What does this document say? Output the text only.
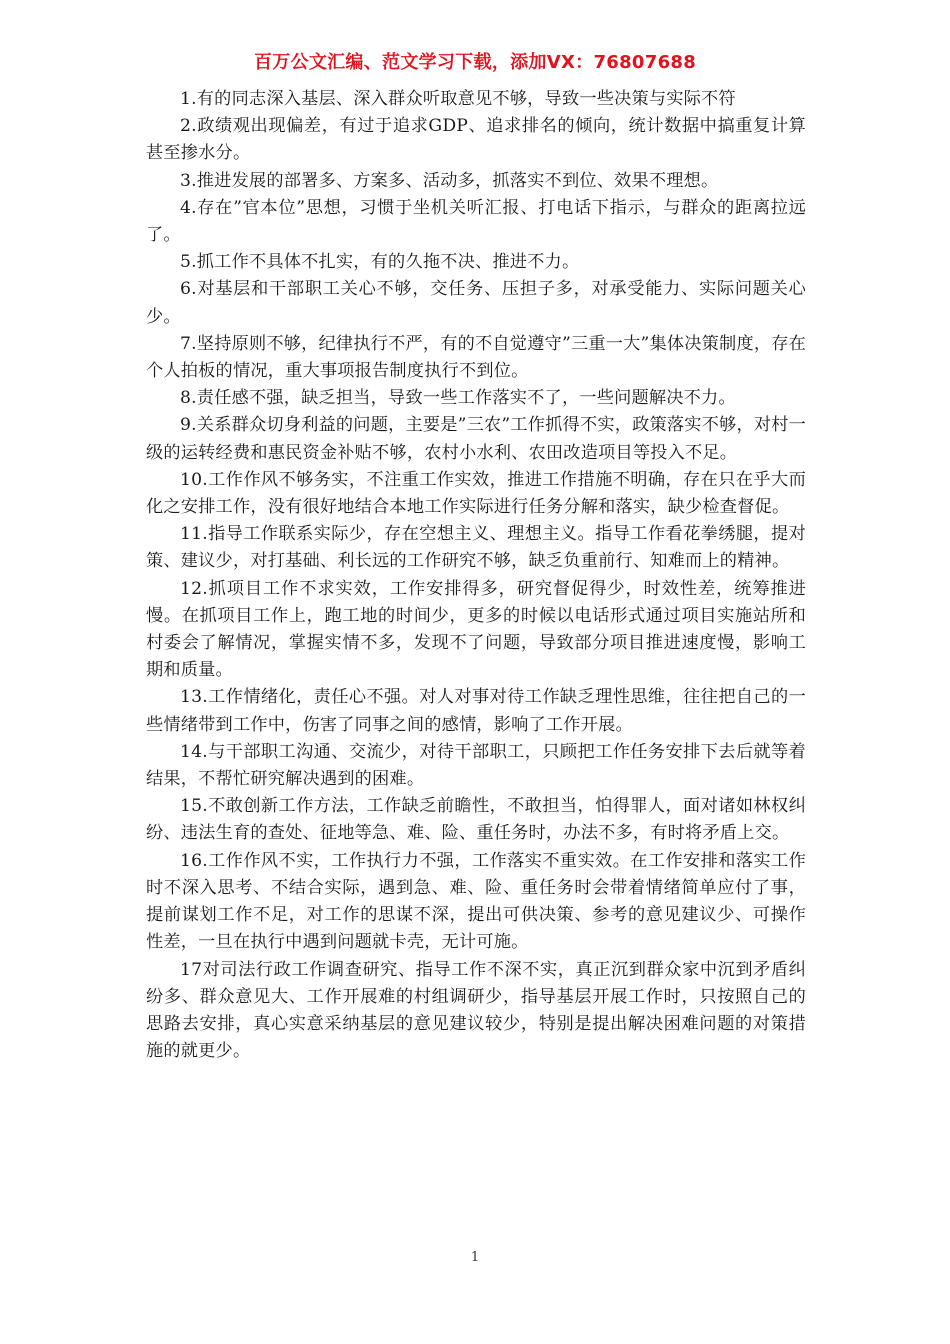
百万公文汇编、范文学习下载，添加VX：76807688

1.有的同志深入基层、深入群众听取意见不够，导致一些决策与实际不符

2.政绩观出现偏差，有过于追求GDP、追求排名的倾向，统计数据中搞重复计算甚至掺水分。

3.推进发展的部署多、方案多、活动多，抓落实不到位、效果不理想。

4.存在”官本位”思想，习惯于坐机关听汇报、打电话下指示，与群众的距离拉远了。

5.抓工作不具体不扎实，有的久拖不决、推进不力。

6.对基层和干部职工关心不够，交任务、压担子多，对承受能力、实际问题关心少。

7.坚持原则不够，纪律执行不严，有的不自觉遵守”三重一大”集体决策制度，存在个人拍板的情况，重大事项报告制度执行不到位。

8.责任感不强，缺乏担当，导致一些工作落实不了，一些问题解决不力。

9.关系群众切身利益的问题，主要是”三农”工作抓得不实，政策落实不够，对村一级的运转经费和惠民资金补贴不够，农村小水利、农田改造项目等投入不足。

10.工作作风不够务实，不注重工作实效，推进工作措施不明确，存在只在乎大而化之安排工作，没有很好地结合本地工作实际进行任务分解和落实，缺少检查督促。

11.指导工作联系实际少，存在空想主义、理想主义。指导工作看花拳绣腿，提对策、建议少，对打基础、利长远的工作研究不够，缺乏负重前行、知难而上的精神。

12.抓项目工作不求实效，工作安排得多，研究督促得少，时效性差，统筹推进慢。在抓项目工作上，跑工地的时间少，更多的时候以电话形式通过项目实施站所和村委会了解情况，掌握实情不多，发现不了问题，导致部分项目推进速度慢，影响工期和质量。

13.工作情绪化，责任心不强。对人对事对待工作缺乏理性思维，往往把自己的一些情绪带到工作中，伤害了同事之间的感情，影响了工作开展。

14.与干部职工沟通、交流少，对待干部职工，只顾把工作任务安排下去后就等着结果，不帮忙研究解决遇到的困难。

15.不敢创新工作方法，工作缺乏前瞻性，不敢担当，怕得罪人，面对诸如林权纠纷、违法生育的查处、征地等急、难、险、重任务时，办法不多，有时将矛盾上交。

16.工作作风不实，工作执行力不强，工作落实不重实效。在工作安排和落实工作时不深入思考、不结合实际，遇到急、难、险、重任务时会带着情绪简单应付了事，提前谋划工作不足，对工作的思谋不深，提出可供决策、参考的意见建议少、可操作性差，一旦在执行中遇到问题就卡壳，无计可施。

17对司法行政工作调查研究、指导工作不深不实，真正沉到群众家中沉到矛盾纠纷多、群众意见大、工作开展难的村组调研少，指导基层开展工作时，只按照自己的思路去安排，真心实意采纳基层的意见建议较少，特别是提出解决困难问题的对策措施的就更少。

1
